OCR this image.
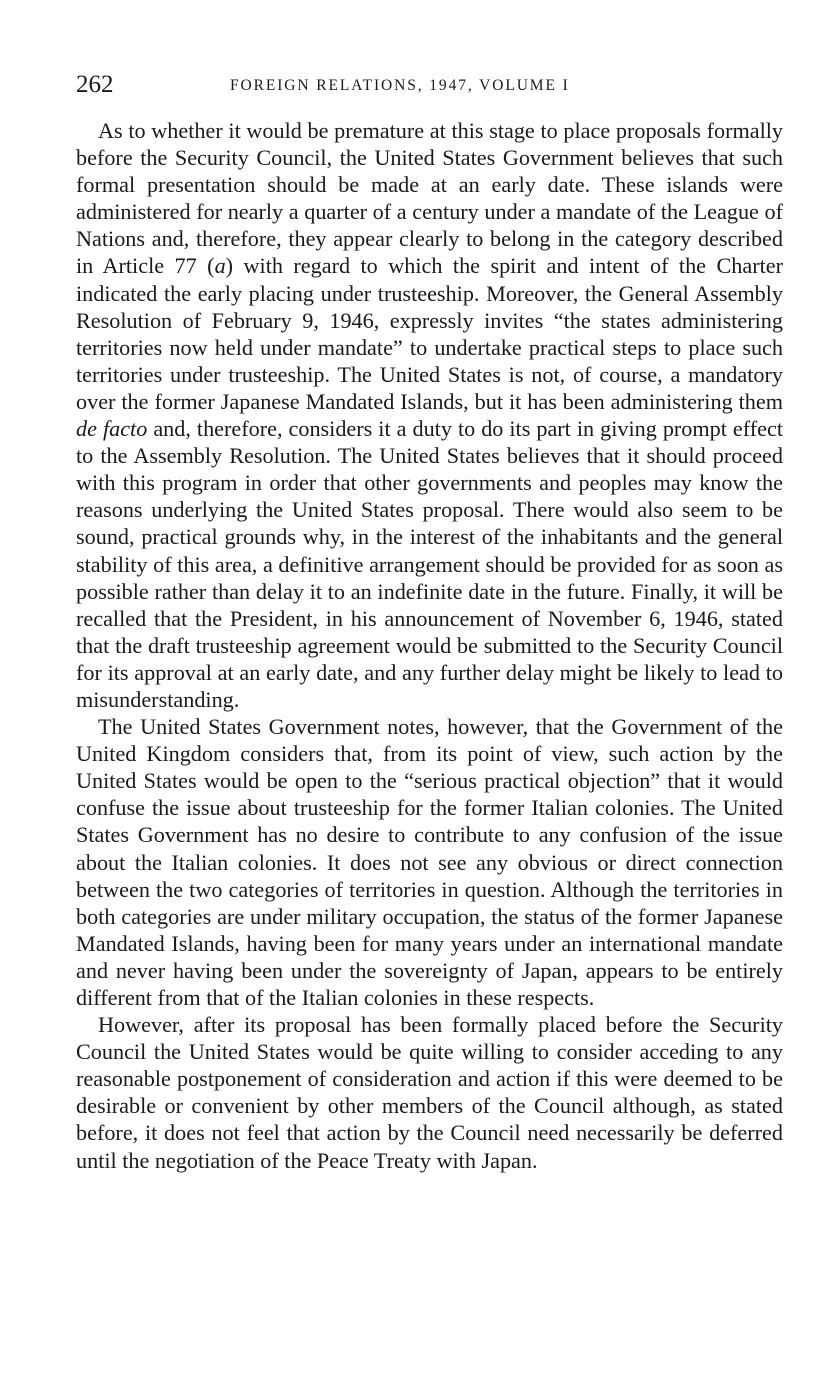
262	FOREIGN RELATIONS, 1947, VOLUME I

As to whether it would be premature at this stage to place proposals formally before the Security Council, the United States Government believes that such formal presentation should be made at an early date. These islands were administered for nearly a quarter of a century under a mandate of the League of Nations and, therefore, they appear clearly to belong in the category described in Article 77 (a) with regard to which the spirit and intent of the Charter indicated the early placing under trusteeship. Moreover, the General Assembly Resolution of February 9, 1946, expressly invites “the states administering territories now held under mandate” to undertake practical steps to place such territories under trusteeship. The United States is not, of course, a mandatory over the former Japanese Mandated Islands, but it has been administering them de facto and, therefore, considers it a duty to do its part in giving prompt effect to the Assembly Resolution. The United States believes that it should proceed with this program in order that other governments and peoples may know the reasons underlying the United States proposal. There would also seem to be sound, practical grounds why, in the interest of the inhabitants and the general stability of this area, a definitive arrangement should be provided for as soon as possible rather than delay it to an indefinite date in the future. Finally, it will be recalled that the President, in his announcement of November 6, 1946, stated that the draft trusteeship agreement would be submitted to the Security Council for its approval at an early date, and any further delay might be likely to lead to misunderstanding.

The United States Government notes, however, that the Government of the United Kingdom considers that, from its point of view, such action by the United States would be open to the “serious practical objection” that it would confuse the issue about trusteeship for the former Italian colonies. The United States Government has no desire to contribute to any confusion of the issue about the Italian colonies. It does not see any obvious or direct connection between the two categories of territories in question. Although the territories in both categories are under military occupation, the status of the former Japanese Mandated Islands, having been for many years under an international mandate and never having been under the sovereignty of Japan, appears to be entirely different from that of the Italian colonies in these respects.

However, after its proposal has been formally placed before the Security Council the United States would be quite willing to consider acceding to any reasonable postponement of consideration and action if this were deemed to be desirable or convenient by other members of the Council although, as stated before, it does not feel that action by the Council need necessarily be deferred until the negotiation of the Peace Treaty with Japan.
